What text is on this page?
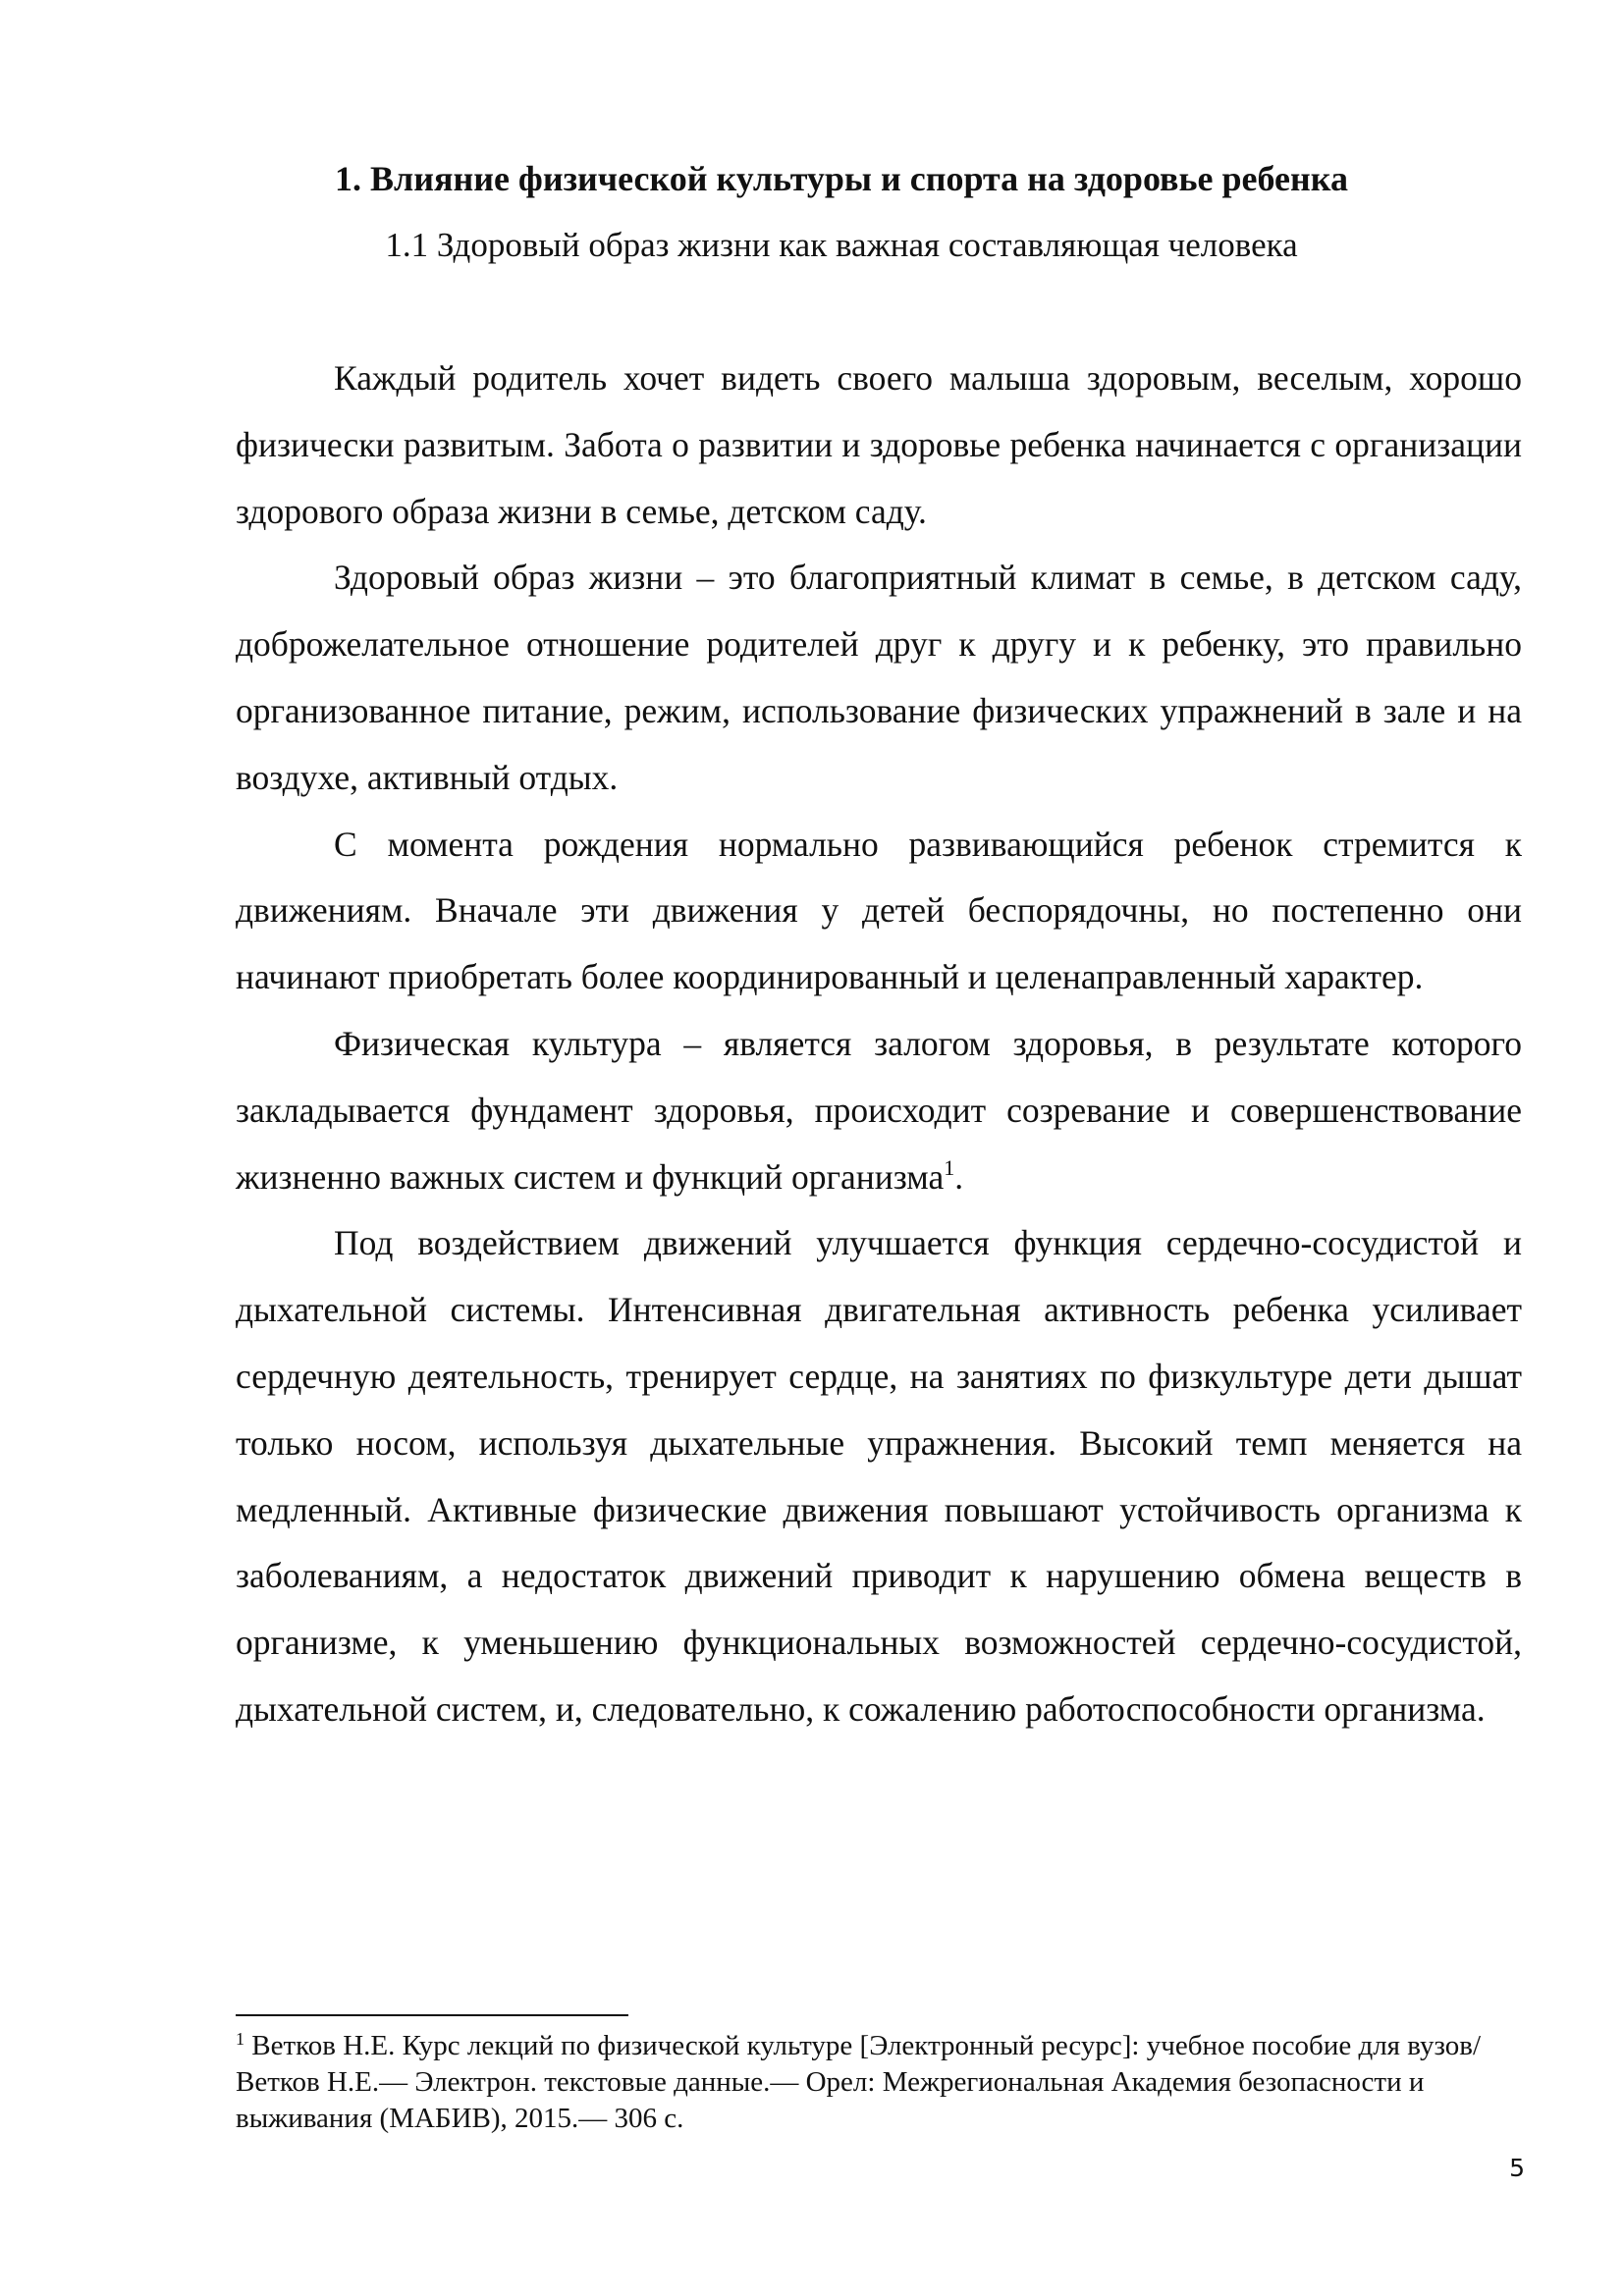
1. Влияние физической культуры и спорта на здоровье ребенка
1.1 Здоровый образ жизни как важная составляющая человека

Каждый родитель хочет видеть своего малыша здоровым, веселым, хорошо физически развитым. Забота о развитии и здоровье ребенка начинается с организации здорового образа жизни в семье, детском саду.

Здоровый образ жизни – это благоприятный климат в семье, в детском саду, доброжелательное отношение родителей друг к другу и к ребенку, это правильно организованное питание, режим, использование физических упражнений в зале и на воздухе, активный отдых.

С момента рождения нормально развивающийся ребенок стремится к движениям. Вначале эти движения у детей беспорядочны, но постепенно они начинают приобретать более координированный и целенаправленный характер.

Физическая культура – является залогом здоровья, в результате которого закладывается фундамент здоровья, происходит созревание и совершенствование жизненно важных систем и функций организма$^1$.

Под воздействием движений улучшается функция сердечно-сосудистой и дыхательной системы. Интенсивная двигательная активность ребенка усиливает сердечную деятельность, тренирует сердце, на занятиях по физкультуре дети дышат только носом, используя дыхательные упражнения. Высокий темп меняется на медленный. Активные физические движения повышают устойчивость организма к заболеваниям, а недостаток движений приводит к нарушению обмена веществ в организме, к уменьшению функциональных возможностей сердечно-сосудистой, дыхательной систем, и, следовательно, к сожалению работоспособности организма.

$^1$ Ветков Н.Е. Курс лекций по физической культуре [Электронный ресурс]: учебное пособие для вузов/ Ветков Н.Е.— Электрон. текстовые данные.— Орел: Межрегиональная Академия безопасности и выживания (МАБИВ), 2015.— 306 с.
5
